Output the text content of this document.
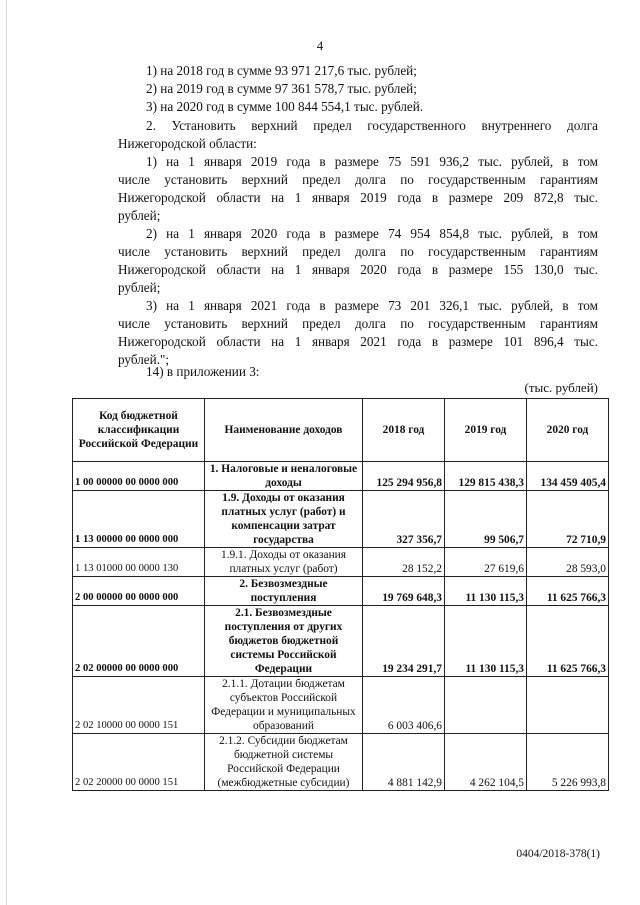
4
1) на 2018 год в сумме 93 971 217,6 тыс. рублей;
2) на 2019 год в сумме 97 361 578,7 тыс. рублей;
3) на 2020 год в сумме 100 844 554,1 тыс. рублей.
2. Установить верхний предел государственного внутреннего долга
Нижегородской области:
1) на 1 января 2019 года в размере 75 591 936,2 тыс. рублей, в том
числе установить верхний предел долга по государственным гарантиям
Нижегородской области на 1 января 2019 года в размере 209 872,8 тыс.
рублей;
2) на 1 января 2020 года в размере 74 954 854,8 тыс. рублей, в том
числе установить верхний предел долга по государственным гарантиям
Нижегородской области на 1 января 2020 года в размере 155 130,0 тыс.
рублей;
3) на 1 января 2021 года в размере 73 201 326,1 тыс. рублей, в том
числе установить верхний предел долга по государственным гарантиям
Нижегородской области на 1 января 2021 года в размере 101 896,4 тыс.
рублей.";
14) в приложении 3:
(тыс. рублей)
Код бюджетной классификации Российской Федерации	Наименование доходов	2018 год	2019 год	2020 год
1 00 00000 00 0000 000	1. Налоговые и неналоговые доходы	125 294 956,8	129 815 438,3	134 459 405,4
1 13 00000 00 0000 000	1.9. Доходы от оказания платных услуг (работ) и компенсации затрат государства	327 356,7	99 506,7	72 710,9
1 13 01000 00 0000 130	1.9.1. Доходы от оказания платных услуг (работ)	28 152,2	27 619,6	28 593,0
2 00 00000 00 0000 000	2. Безвозмездные поступления	19 769 648,3	11 130 115,3	11 625 766,3
2 02 00000 00 0000 000	2.1. Безвозмездные поступления от других бюджетов бюджетной системы Российской Федерации	19 234 291,7	11 130 115,3	11 625 766,3
2 02 10000 00 0000 151	2.1.1. Дотации бюджетам субъектов Российской Федерации и муниципальных образований	6 003 406,6		
2 02 20000 00 0000 151	2.1.2. Субсидии бюджетам бюджетной системы Российской Федерации (межбюджетные субсидии)	4 881 142,9	4 262 104,5	5 226 993,8
0404/2018-378(1)
